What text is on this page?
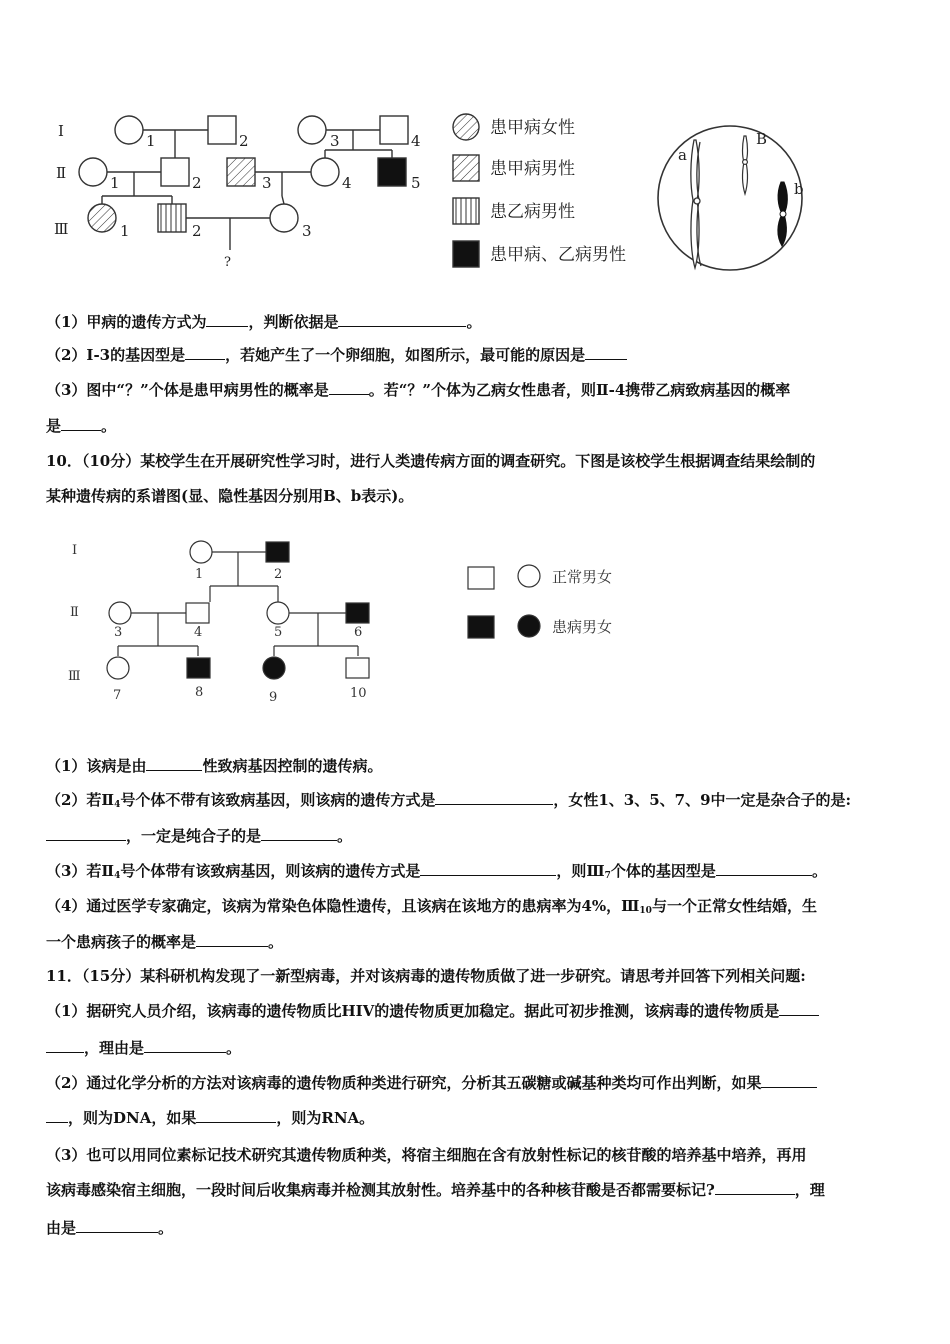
Ⅰ
Ⅱ
Ⅲ
1	2	3	4
1	2	3	4	5
1	2	3
?
患甲病女性
患甲病男性
患乙病男性
患甲病、乙病男性
a
B
b
（1）甲病的遗传方式为	，判断依据是	。
（2）Ⅰ-3的基因型是	，若她产生了一个卵细胞，如图所示，最可能的原因是
（3）图中“？”个体是患甲病男性的概率是	。若“？”个体为乙病女性患者，则Ⅱ-4携带乙病致病基因的概率
是	。
10．（10分）某校学生在开展研究性学习时，进行人类遗传病方面的调查研究。下图是该校学生根据调查结果绘制的
某种遗传病的系谱图(显、隐性基因分别用B、b表示)。
Ⅰ
Ⅱ
Ⅲ
1	2
3	4	5	6
7	8	9	10
正常男女
患病男女
（1）该病是由	性致病基因控制的遗传病。
（2）若$Ⅱ_4$号个体不带有该致病基因，则该病的遗传方式是	，女性1、3、5、7、9中一定是杂合子的是:
，一定是纯合子的是	。
（3）若$Ⅱ_4$号个体带有该致病基因，则该病的遗传方式是	，则$Ⅲ_7$个体的基因型是	。
（4）通过医学专家确定，该病为常染色体隐性遗传，且该病在该地方的患病率为4%，$Ⅲ_{10}$与一个正常女性结婚，生
一个患病孩子的概率是	。
11．（15分）某科研机构发现了一新型病毒，并对该病毒的遗传物质做了进一步研究。请思考并回答下列相关问题:
（1）据研究人员介绍，该病毒的遗传物质比HIV的遗传物质更加稳定。据此可初步推测，该病毒的遗传物质是
，理由是	。
（2）通过化学分析的方法对该病毒的遗传物质种类进行研究，分析其五碳糖或碱基种类均可作出判断，如果
，则为DNA，如果	，则为RNA。
（3）也可以用同位素标记技术研究其遗传物质种类，将宿主细胞在含有放射性标记的核苷酸的培养基中培养，再用
该病毒感染宿主细胞，一段时间后收集病毒并检测其放射性。培养基中的各种核苷酸是否都需要标记?	，理
由是	。
